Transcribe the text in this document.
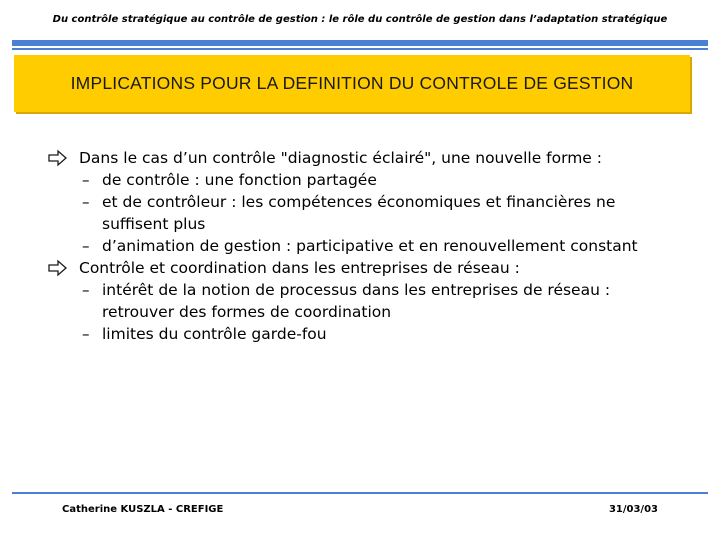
Du contrôle stratégique au contrôle de gestion : le rôle du contrôle de gestion dans l’adaptation stratégique
IMPLICATIONS POUR LA DEFINITION DU CONTROLE DE GESTION
Dans le cas d’un contrôle "diagnostic éclairé", une nouvelle forme :
– de contrôle : une fonction partagée
– et de contrôleur : les compétences économiques et financières ne suffisent plus
– d’animation de gestion : participative et en renouvellement constant
Contrôle et coordination dans les entreprises de réseau :
– intérêt de la notion de processus dans les entreprises de réseau : retrouver des formes de coordination
– limites du contrôle garde-fou
Catherine KUSZLA - CREFIGE	31/03/03
